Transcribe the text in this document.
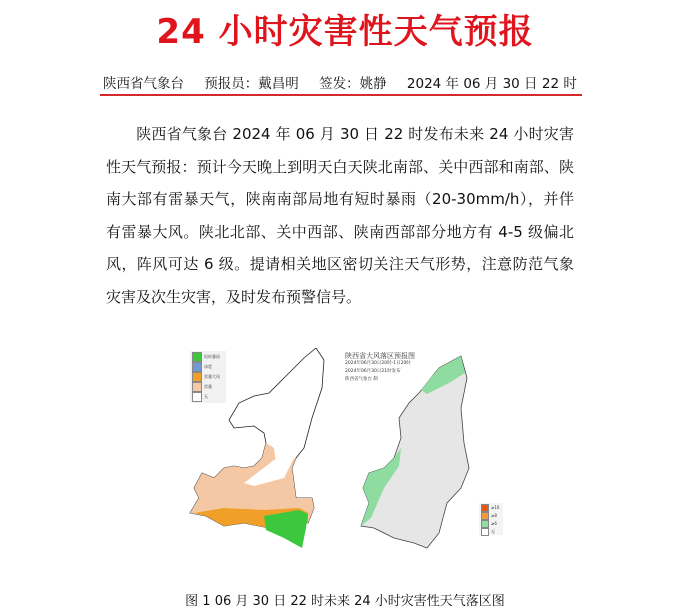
24 小时灾害性天气预报
陕西省气象台 预报员：戴昌明 签发：姚静 2024 年 06 月 30 日 22 时
陕西省气象台 2024 年 06 月 30 日 22 时发布未来 24 小时灾害性天气预报：预计今天晚上到明天白天陕北南部、关中西部和南部、陕南大部有雷暴天气，陕南南部局地有短时暴雨（20-30mm/h），并伴有雷暴大风。陕北北部、关中西部、陕南西部部分地方有 4-5 级偏北风，阵风可达 6 级。提请相关地区密切关注天气形势，注意防范气象灾害及次生灾害，及时发布预警信号。
短时暴雨
冰雹
雷暴大风
雷暴
无
陕西省大风落区预报图
2024年06月30日20时-1日20时
2024年06月30日21时发布
陕西省气象台 制
≥10
≥8
≥6
无
图 1 06 月 30 日 22 时未来 24 小时灾害性天气落区图
